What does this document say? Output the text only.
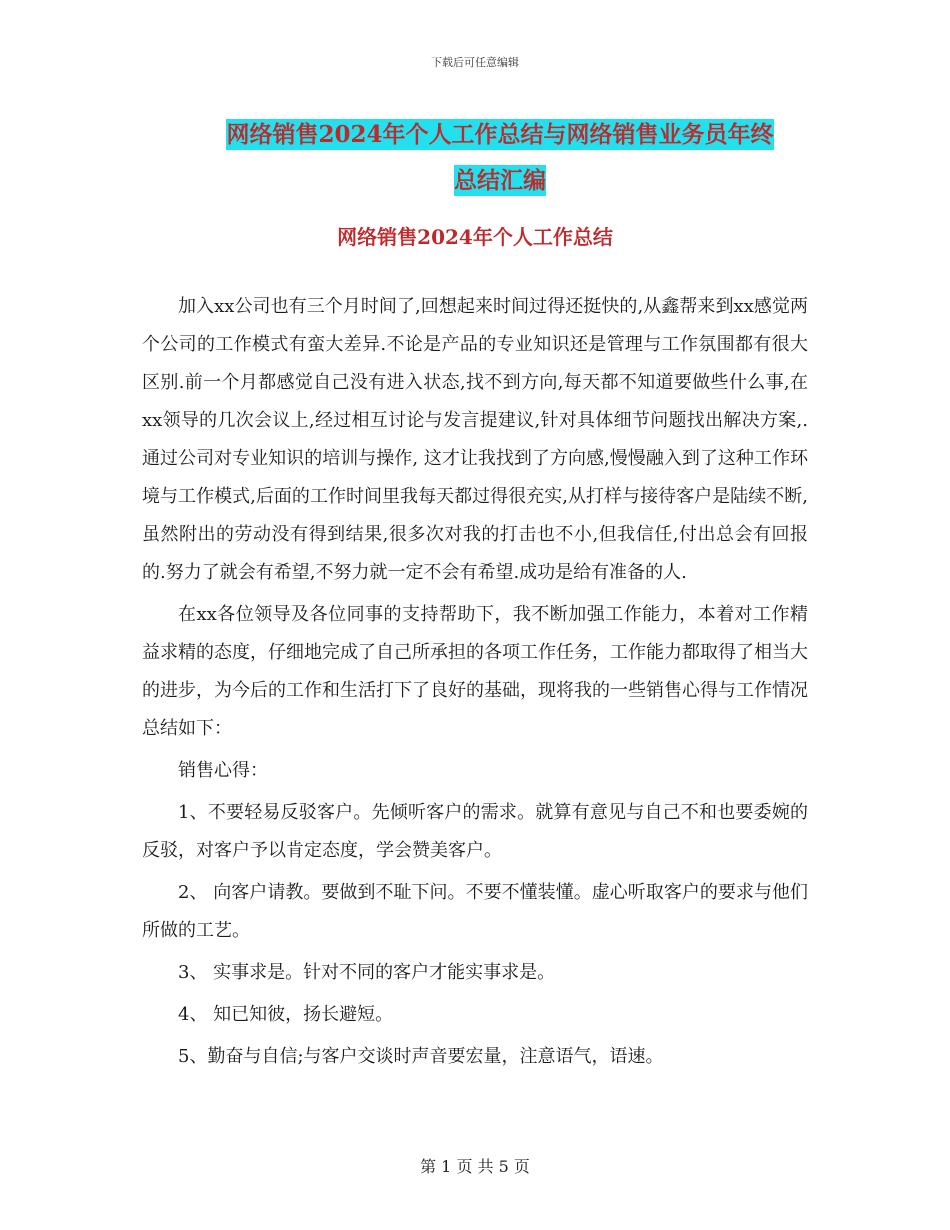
下载后可任意编辑
网络销售2024年个人工作总结与网络销售业务员年终
总结汇编
网络销售2024年个人工作总结

加入xx公司也有三个月时间了,回想起来时间过得还挺快的,从鑫帮来到xx感觉两个公司的工作模式有蛮大差异.不论是产品的专业知识还是管理与工作氛围都有很大区别.前一个月都感觉自己没有进入状态,找不到方向,每天都不知道要做些什么事,在xx领导的几次会议上,经过相互讨论与发言提建议,针对具体细节问题找出解决方案,.通过公司对专业知识的培训与操作, 这才让我找到了方向感,慢慢融入到了这种工作环境与工作模式,后面的工作时间里我每天都过得很充实,从打样与接待客户是陆续不断,虽然附出的劳动没有得到结果,很多次对我的打击也不小,但我信任,付出总会有回报的.努力了就会有希望,不努力就一定不会有希望.成功是给有准备的人.

在xx各位领导及各位同事的支持帮助下，我不断加强工作能力，本着对工作精益求精的态度，仔细地完成了自己所承担的各项工作任务，工作能力都取得了相当大的进步，为今后的工作和生活打下了良好的基础，现将我的一些销售心得与工作情况总结如下：

销售心得：

1、不要轻易反驳客户。先倾听客户的需求。就算有意见与自己不和也要委婉的反驳，对客户予以肯定态度，学会赞美客户。

2、 向客户请教。要做到不耻下问。不要不懂装懂。虚心听取客户的要求与他们所做的工艺。

3、 实事求是。针对不同的客户才能实事求是。

4、 知已知彼，扬长避短。

5、勤奋与自信;与客户交谈时声音要宏量，注意语气，语速。

第 1 页 共 5 页
